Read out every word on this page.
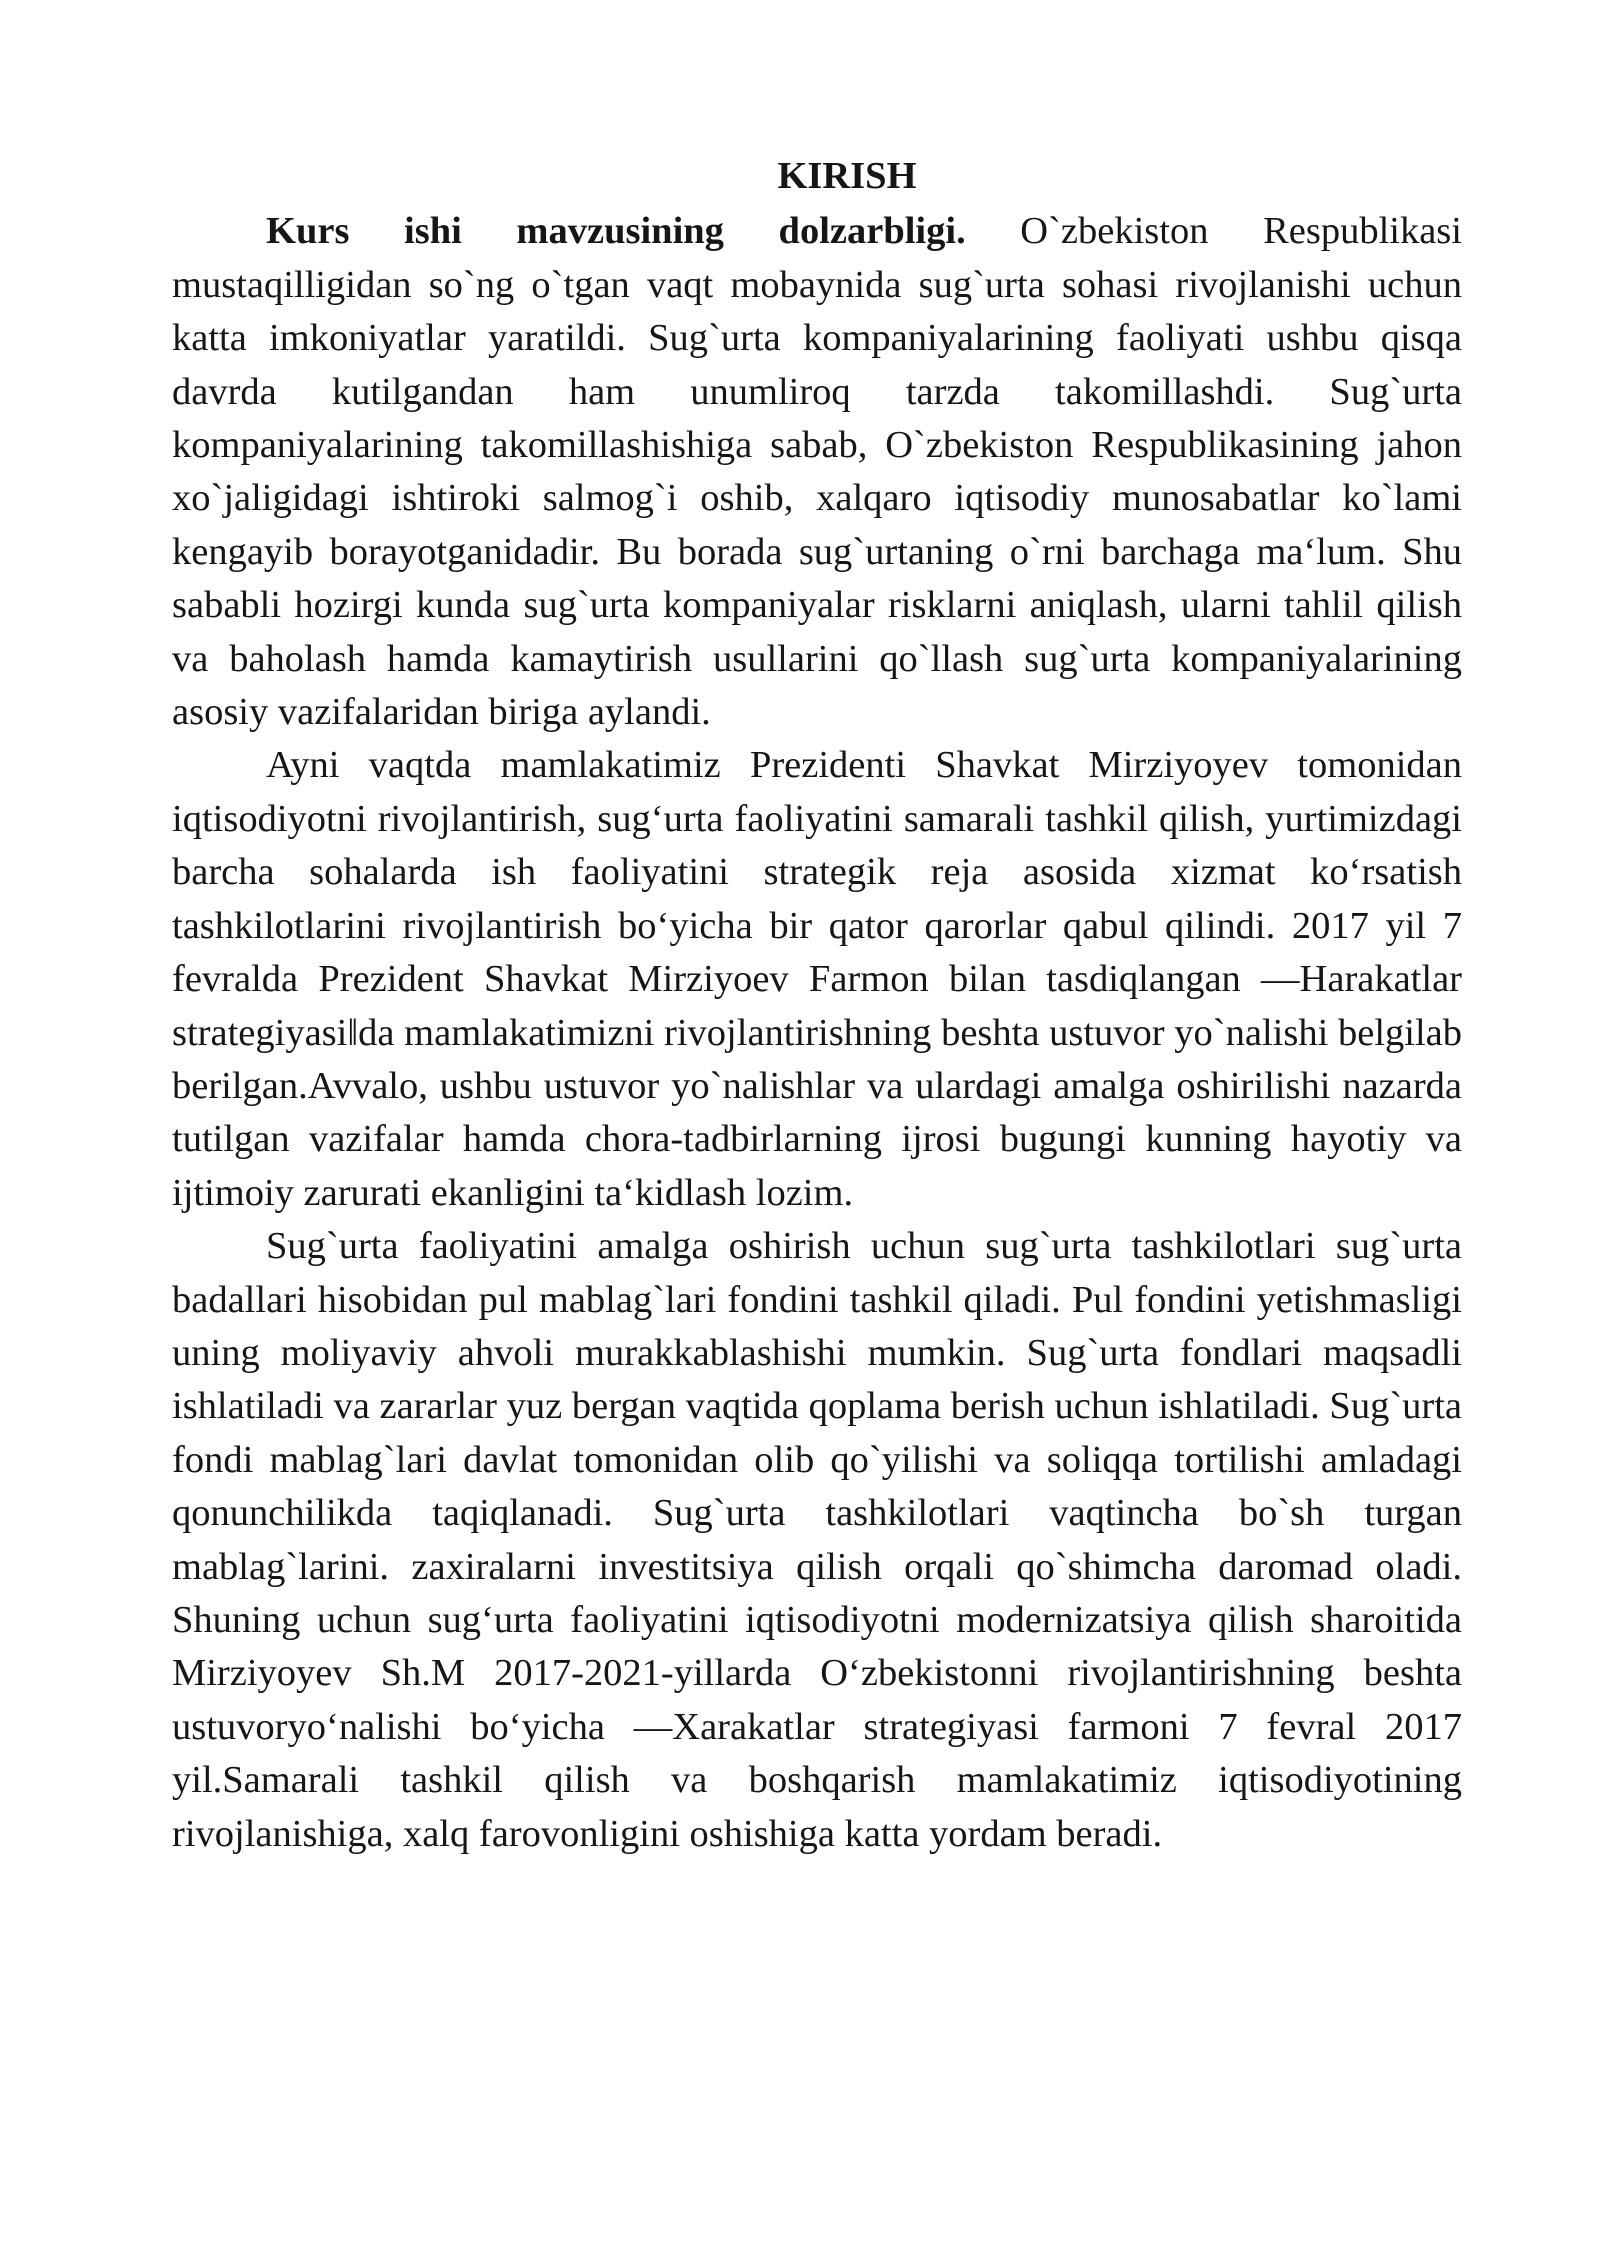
KIRISH

Kurs ishi mavzusining dolzarbligi. O`zbekiston Respublikasi mustaqilligidan so`ng o`tgan vaqt mobaynida sug`urta sohasi rivojlanishi uchun katta imkoniyatlar yaratildi. Sug`urta kompaniyalarining faoliyati ushbu qisqa davrda kutilgandan ham unumliroq tarzda takomillashdi. Sug`urta kompaniyalarining takomillashishiga sabab, O`zbekiston Respublikasining jahon xo`jaligidagi ishtiroki salmog`i oshib, xalqaro iqtisodiy munosabatlar ko`lami kengayib borayotganidadir. Bu borada sug`urtaning o`rni barchaga ma‘lum. Shu sababli hozirgi kunda sug`urta kompaniyalar risklarni aniqlash, ularni tahlil qilish va baholash hamda kamaytirish usullarini qo`llash sug`urta kompaniyalarining asosiy vazifalaridan biriga aylandi.

Ayni vaqtda mamlakatimiz Prezidenti Shavkat Mirziyoyev tomonidan iqtisodiyotni rivojlantirish, sug‘urta faoliyatini samarali tashkil qilish, yurtimizdagi barcha sohalarda ish faoliyatini strategik reja asosida xizmat ko‘rsatish tashkilotlarini rivojlantirish bo‘yicha bir qator qarorlar qabul qilindi. 2017 yil 7 fevralda Prezident Shavkat Mirziyoev Farmon bilan tasdiqlangan ―Harakatlar strategiyasi‖da mamlakatimizni rivojlantirishning beshta ustuvor yo`nalishi belgilab berilgan.Avvalo, ushbu ustuvor yo`nalishlar va ulardagi amalga oshirilishi nazarda tutilgan vazifalar hamda chora-tadbirlarning ijrosi bugungi kunning hayotiy va ijtimoiy zarurati ekanligini ta‘kidlash lozim.

Sug`urta faoliyatini amalga oshirish uchun sug`urta tashkilotlari sug`urta badallari hisobidan pul mablag`lari fondini tashkil qiladi. Pul fondini yetishmasligi uning moliyaviy ahvoli murakkablashishi mumkin. Sug`urta fondlari maqsadli ishlatiladi va zararlar yuz bergan vaqtida qoplama berish uchun ishlatiladi. Sug`urta fondi mablag`lari davlat tomonidan olib qo`yilishi va soliqqa tortilishi amladagi qonunchilikda taqiqlanadi. Sug`urta tashkilotlari vaqtincha bo`sh turgan mablag`larini. zaxiralarni investitsiya qilish orqali qo`shimcha daromad oladi. Shuning uchun sug‘urta faoliyatini iqtisodiyotni modernizatsiya qilish sharoitida Mirziyoyev Sh.M 2017-2021-yillarda O‘zbekistonni rivojlantirishning beshta ustuvoryo‘nalishi bo‘yicha ―Xarakatlar strategiyasi farmoni 7 fevral 2017 yil.Samarali tashkil qilish va boshqarish mamlakatimiz iqtisodiyotining rivojlanishiga, xalq farovonligini oshishiga katta yordam beradi.
